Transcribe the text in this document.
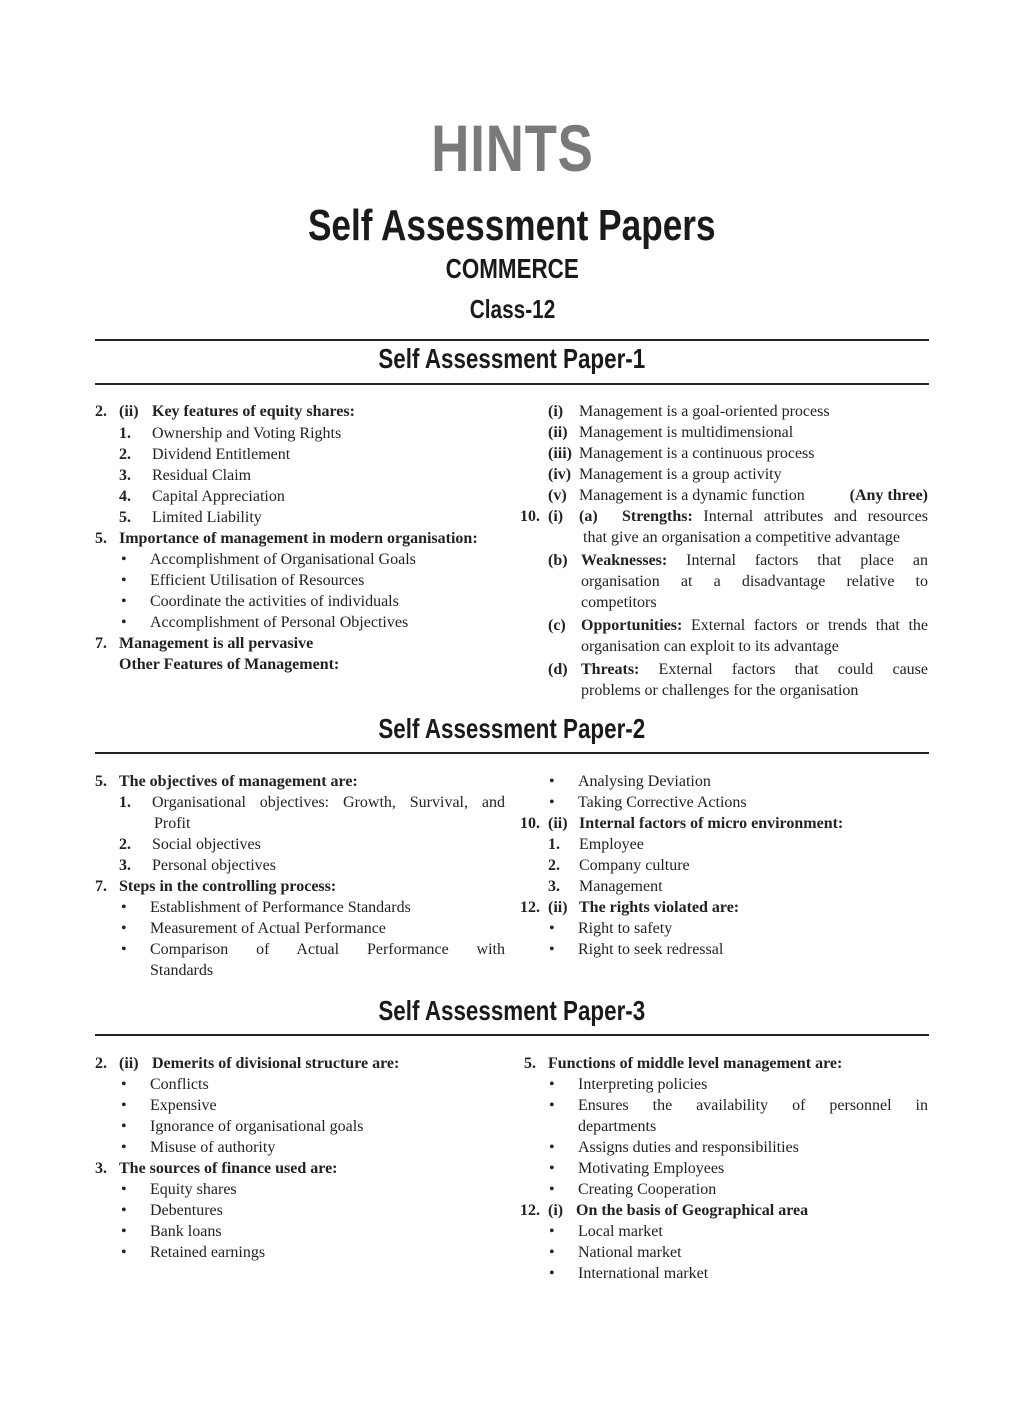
HINTS
Self Assessment Papers
COMMERCE
Class-12
Self Assessment Paper-1
2. (ii) Key features of equity shares:
1. Ownership and Voting Rights
2. Dividend Entitlement
3. Residual Claim
4. Capital Appreciation
5. Limited Liability
5. Importance of management in modern organisation:
• Accomplishment of Organisational Goals
• Efficient Utilisation of Resources
• Coordinate the activities of individuals
• Accomplishment of Personal Objectives
7. Management is all pervasive
Other Features of Management:
(i) Management is a goal-oriented process
(ii) Management is multidimensional
(iii) Management is a continuous process
(iv) Management is a group activity
(v) Management is a dynamic function	(Any three)
10. (i) (a) Strengths: Internal attributes and resources
that give an organisation a competitive advantage
(b) Weaknesses: Internal factors that place an
organisation at a disadvantage relative to
competitors
(c) Opportunities: External factors or trends that the
organisation can exploit to its advantage
(d) Threats: External factors that could cause
problems or challenges for the organisation
Self Assessment Paper-2
5. The objectives of management are:
1. Organisational objectives: Growth, Survival, and
Profit
2. Social objectives
3. Personal objectives
7. Steps in the controlling process:
• Establishment of Performance Standards
• Measurement of Actual Performance
• Comparison of Actual Performance with
Standards
• Analysing Deviation
• Taking Corrective Actions
10. (ii) Internal factors of micro environment:
1. Employee
2. Company culture
3. Management
12. (ii) The rights violated are:
• Right to safety
• Right to seek redressal
Self Assessment Paper-3
2. (ii) Demerits of divisional structure are:
• Conflicts
• Expensive
• Ignorance of organisational goals
• Misuse of authority
3. The sources of finance used are:
• Equity shares
• Debentures
• Bank loans
• Retained earnings
5. Functions of middle level management are:
• Interpreting policies
• Ensures the availability of personnel in
departments
• Assigns duties and responsibilities
• Motivating Employees
• Creating Cooperation
12. (i) On the basis of Geographical area
• Local market
• National market
• International market
